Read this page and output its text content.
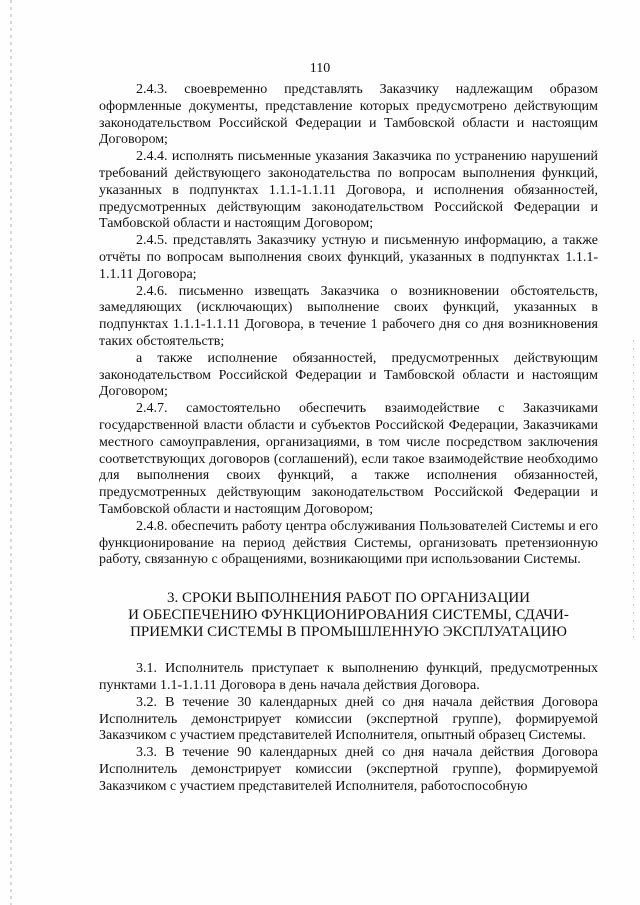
110

2.4.3. своевременно представлять Заказчику надлежащим образом оформленные документы, представление которых предусмотрено действующим законодательством Российской Федерации и Тамбовской области и настоящим Договором;

2.4.4. исполнять письменные указания Заказчика по устранению нарушений требований действующего законодательства по вопросам выполнения функций, указанных в подпунктах 1.1.1-1.1.11 Договора, и исполнения обязанностей, предусмотренных действующим законодательством Российской Федерации и Тамбовской области и настоящим Договором;

2.4.5. представлять Заказчику устную и письменную информацию, а также отчёты по вопросам выполнения своих функций, указанных в подпунктах 1.1.1-1.1.11 Договора;

2.4.6. письменно извещать Заказчика о возникновении обстоятельств, замедляющих (исключающих) выполнение своих функций, указанных в подпунктах 1.1.1-1.1.11 Договора, в течение 1 рабочего дня со дня возникновения таких обстоятельств;

а также исполнение обязанностей, предусмотренных действующим законодательством Российской Федерации и Тамбовской области и настоящим Договором;

2.4.7. самостоятельно обеспечить взаимодействие с Заказчиками государственной власти области и субъектов Российской Федерации, Заказчиками местного самоуправления, организациями, в том числе посредством заключения соответствующих договоров (соглашений), если такое взаимодействие необходимо для выполнения своих функций, а также исполнения обязанностей, предусмотренных действующим законодательством Российской Федерации и Тамбовской области и настоящим Договором;

2.4.8. обеспечить работу центра обслуживания Пользователей Системы и его функционирование на период действия Системы, организовать претензионную работу, связанную с обращениями, возникающими при использовании Системы.

3. СРОКИ ВЫПОЛНЕНИЯ РАБОТ ПО ОРГАНИЗАЦИИ

И ОБЕСПЕЧЕНИЮ ФУНКЦИОНИРОВАНИЯ СИСТЕМЫ, СДАЧИ-

ПРИЕМКИ СИСТЕМЫ В ПРОМЫШЛЕННУЮ ЭКСПЛУАТАЦИЮ

3.1. Исполнитель приступает к выполнению функций, предусмотренных пунктами 1.1-1.1.11 Договора в день начала действия Договора.

3.2. В течение 30 календарных дней со дня начала действия Договора Исполнитель демонстрирует комиссии (экспертной группе), формируемой Заказчиком с участием представителей Исполнителя, опытный образец Системы.

3.3. В течение 90 календарных дней со дня начала действия Договора Исполнитель демонстрирует комиссии (экспертной группе), формируемой Заказчиком с участием представителей Исполнителя, работоспособную
